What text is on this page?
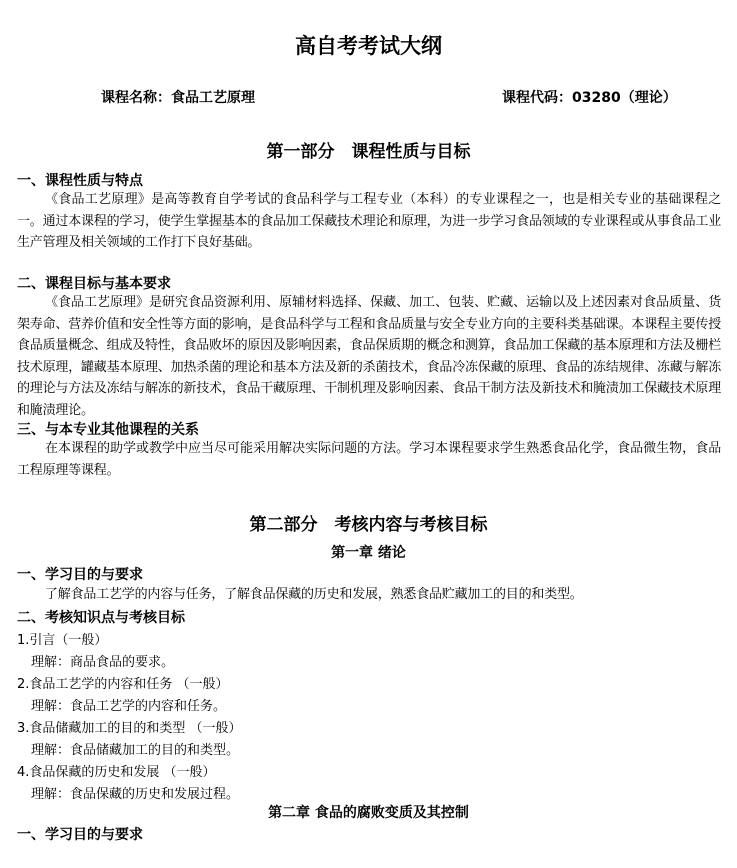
高自考考试大纲
课程名称：食品工艺原理	课程代码：03280（理论）
第一部分　课程性质与目标
一、课程性质与特点
《食品工艺原理》是高等教育自学考试的食品科学与工程专业（本科）的专业课程之一，也是相关专业的基础课程之一。通过本课程的学习，使学生掌握基本的食品加工保藏技术理论和原理，为进一步学习食品领域的专业课程或从事食品工业生产管理及相关领域的工作打下良好基础。
二、课程目标与基本要求
《食品工艺原理》是研究食品资源利用、原辅材料选择、保藏、加工、包装、贮藏、运输以及上述因素对食品质量、货架寿命、营养价值和安全性等方面的影响，是食品科学与工程和食品质量与安全专业方向的主要科类基础课。本课程主要传授食品质量概念、组成及特性，食品败坏的原因及影响因素，食品保质期的概念和测算，食品加工保藏的基本原理和方法及栅栏技术原理，罐藏基本原理、加热杀菌的理论和基本方法及新的杀菌技术，食品冷冻保藏的原理、食品的冻结规律、冻藏与解冻的理论与方法及冻结与解冻的新技术，食品干藏原理、干制机理及影响因素、食品干制方法及新技术和腌渍加工保藏技术原理和腌渍理论。
三、与本专业其他课程的关系
在本课程的助学或教学中应当尽可能采用解决实际问题的方法。学习本课程要求学生熟悉食品化学，食品微生物，食品工程原理等课程。
第二部分　考核内容与考核目标
第一章 绪论
一、学习目的与要求
了解食品工艺学的内容与任务，了解食品保藏的历史和发展，熟悉食品贮藏加工的目的和类型。
二、考核知识点与考核目标
1.引言（一般）
理解：商品食品的要求。
2.食品工艺学的内容和任务 （一般）
理解：食品工艺学的内容和任务。
3.食品储藏加工的目的和类型 （一般）
理解：食品储藏加工的目的和类型。
4.食品保藏的历史和发展 （一般）
理解：食品保藏的历史和发展过程。
第二章 食品的腐败变质及其控制
一、学习目的与要求
